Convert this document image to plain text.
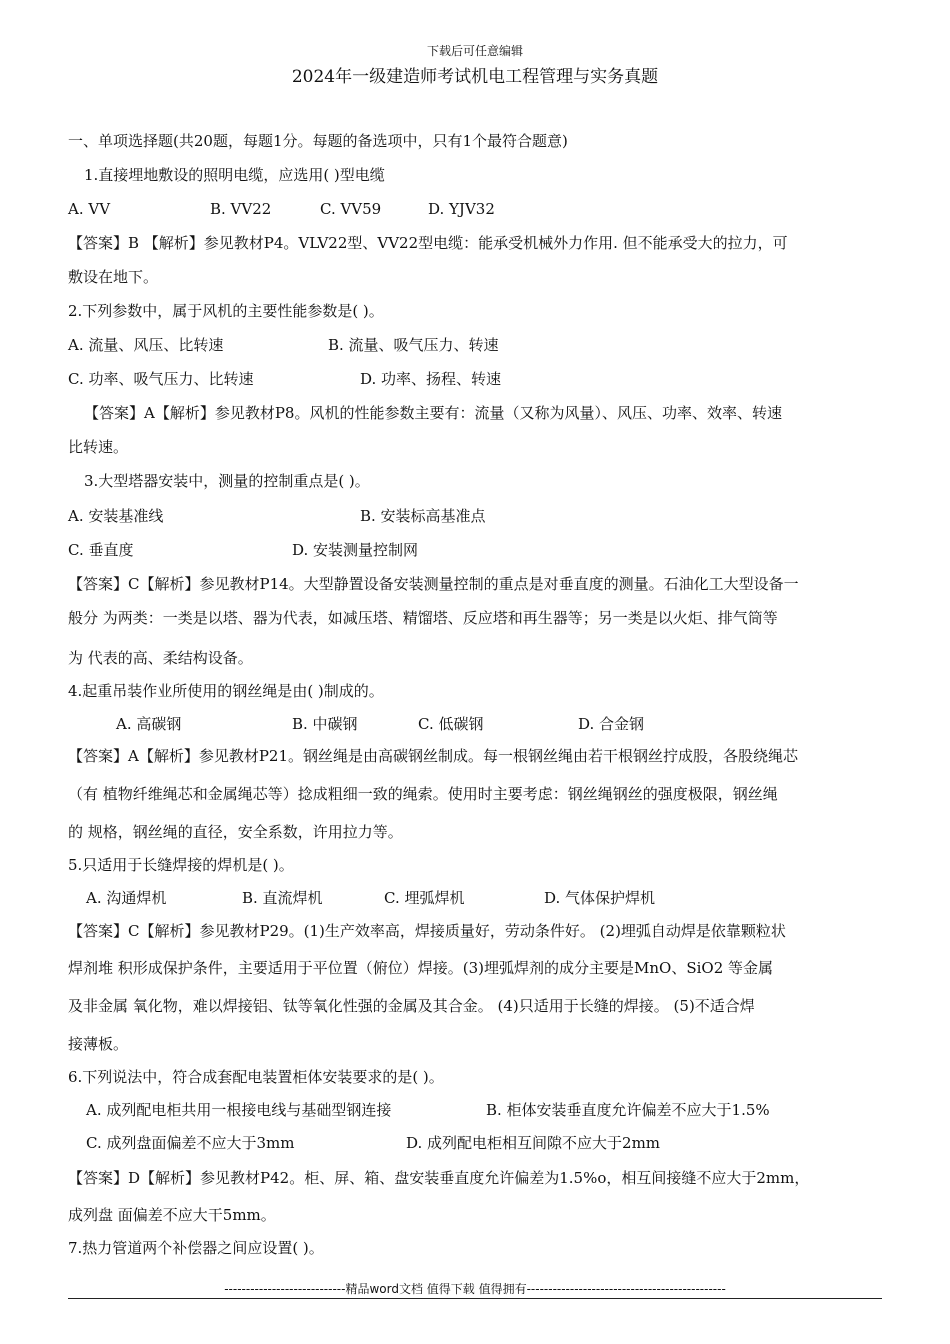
下载后可任意编辑
2024年一级建造师考试机电工程管理与实务真题
一、单项选择题(共20题，每题1分。每题的备选项中，只有1个最符合题意)
1.直接埋地敷设的照明电缆，应选用( )型电缆
A. VV	B. VV22	C. VV59	D. YJV32
【答案】B 【解析】参见教材P4。VLV22型、VV22型电缆：能承受机械外力作用. 但不能承受大的拉力，可
敷设在地下。
2.下列参数中，属于风机的主要性能参数是( )。
A. 流量、风压、比转速	B. 流量、吸气压力、转速
C. 功率、吸气压力、比转速	D. 功率、扬程、转速
【答案】A【解析】参见教材P8。风机的性能参数主要有：流量（又称为风量）、风压、功率、效率、转速
比转速。
3.大型塔器安装中，测量的控制重点是( )。
A. 安装基准线	B. 安装标高基准点
C. 垂直度	D. 安装测量控制网
【答案】C【解析】参见教材P14。大型静置设备安装测量控制的重点是对垂直度的测量。石油化工大型设备一
般分 为两类：一类是以塔、器为代表，如减压塔、精馏塔、反应塔和再生器等；另一类是以火炬、排气筒等
为 代表的高、柔结构设备。
4.起重吊装作业所使用的钢丝绳是由( )制成的。
A. 高碳钢	B. 中碳钢	C. 低碳钢	D. 合金钢
【答案】A【解析】参见教材P21。钢丝绳是由高碳钢丝制成。每一根钢丝绳由若干根钢丝拧成股，各股绕绳芯
（有 植物纤维绳芯和金属绳芯等）捻成粗细一致的绳索。使用时主要考虑：钢丝绳钢丝的强度极限，钢丝绳
的 规格，钢丝绳的直径，安全系数，许用拉力等。
5.只适用于长缝焊接的焊机是( )。
A. 沟通焊机	B. 直流焊机	C. 埋弧焊机	D. 气体保护焊机
【答案】C【解析】参见教材P29。(1)生产效率高，焊接质量好，劳动条件好。 (2)埋弧自动焊是依靠颗粒状
焊剂堆 积形成保护条件，主要适用于平位置（俯位）焊接。(3)埋弧焊剂的成分主要是MnO、SiO2 等金属
及非金属 氧化物，难以焊接铝、钛等氧化性强的金属及其合金。 (4)只适用于长缝的焊接。 (5)不适合焊
接薄板。
6.下列说法中，符合成套配电装置柜体安装要求的是( )。
A. 成列配电柜共用一根接电线与基础型钢连接	B. 柜体安装垂直度允许偏差不应大于1.5%
C. 成列盘面偏差不应大于3mm	D. 成列配电柜相互间隙不应大于2mm
【答案】D【解析】参见教材P42。柜、屏、箱、盘安装垂直度允许偏差为1.5%o，相互间接缝不应大于2mm，
成列盘 面偏差不应大干5mm。
7.热力管道两个补偿器之间应设置( )。
----------------------------精品word文档 值得下载 值得拥有----------------------------------------------
